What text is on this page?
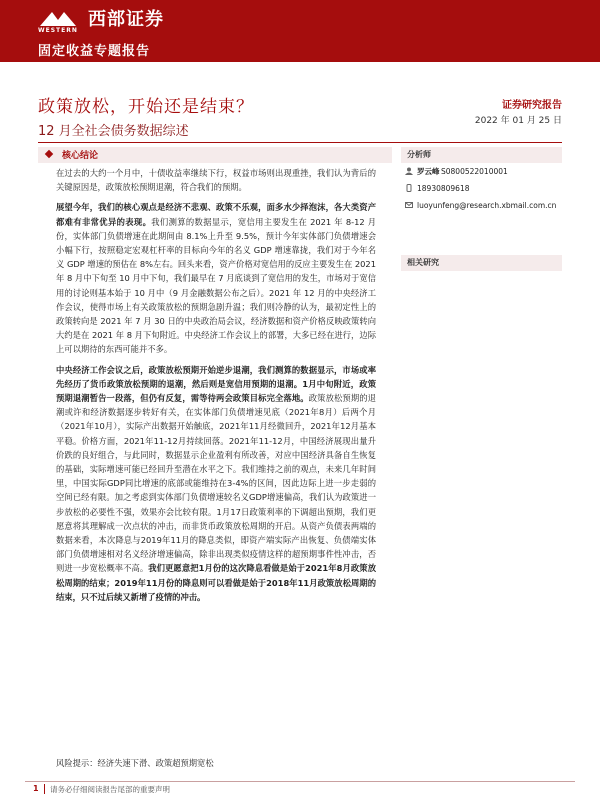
WESTERN
西部证券
固定收益专题报告
政策放松，开始还是结束？
12 月全社会债务数据综述
证券研究报告
2022 年 01 月 25 日
核心结论

在过去的大约一个月中，十债收益率继续下行，权益市场则出现重挫，我们认为背后的关键原因是，政策放松预期退潮，符合我们的预期。

展望今年，我们的核心观点是经济不悲观、政策不乐观，面多水少择泡沫，各大类资产都难有非常优异的表现。我们测算的数据显示，宽信用主要发生在 2021 年 8-12 月份，实体部门负债增速在此期间由 8.1%上升至 9.5%，预计今年实体部门负债增速会小幅下行，按照稳定宏观杠杆率的目标向今年的名义 GDP 增速靠拢，我们对于今年名义 GDP 增速的预估在 8%左右。回头来看，资产价格对宽信用的反应主要发生在 2021 年 8 月中下旬至 10 月中下旬，我们最早在 7 月底谈到了宽信用的发生，市场对于宽信用的讨论则基本始于 10 月中（9 月金融数据公布之后）。2021 年 12 月的中央经济工作会议，使得市场上有关政策放松的预期急剧升温；我们则冷静的认为，最初定性上的政策转向是 2021 年 7 月 30 日的中央政治局会议，经济数据和资产价格反映政策转向大约是在 2021 年 8 月下旬附近。中央经济工作会议上的部署，大多已经在进行，边际上可以期待的东西可能并不多。

中央经济工作会议之后，政策放松预期开始逆步退潮，我们测算的数据显示，市场或率先经历了货币政策放松预期的退潮，然后则是宽信用预期的退潮。1月中旬附近，政策预期退潮暂告一段落，但仍有反复，需等待两会政策目标完全落地。政策放松预期的退潮或许和经济数据逐步转好有关，在实体部门负债增速见底（2021年8月）后两个月（2021年10月），实际产出数据开始触底，2021年11月经微回升，2021年12月基本平稳。价格方面，2021年11-12月持续回落。2021年11-12月，中国经济展现出量升价跌的良好组合，与此同时，数据显示企业盈利有所改善，对应中国经济具备自生恢复的基础，实际增速可能已经回升至潜在水平之下。我们维持之前的观点，未来几年时间里，中国实际GDP同比增速的底部或能维持在3-4%的区间，因此边际上进一步走弱的空间已经有限。加之考虑到实体部门负债增速较名义GDP增速偏高，我们认为政策进一步放松的必要性不强，效果亦会比较有限。1月17日政策利率的下调超出预期，我们更愿意将其理解成一次点状的冲击，而非货币政策放松周期的开启。从资产负债表两端的数据来看，本次降息与2019年11月的降息类似，即资产端实际产出恢复、负债端实体部门负债增速相对名义经济增速偏高，除非出现类似疫情这样的超预期事件性冲击，否则进一步宽松概率不高。我们更愿意把1月份的这次降息看做是始于2021年8月政策放松周期的结束；2019年11月份的降息则可以看做是始于2018年11月政策放松周期的结束，只不过后续又新增了疫情的冲击。

风险提示：经济失速下滑、政策超预期宽松
分析师
罗云峰 S0800522010001
18930809618
luoyunfeng@research.xbmail.com.cn
相关研究
1 请务必仔细阅读报告尾部的重要声明
